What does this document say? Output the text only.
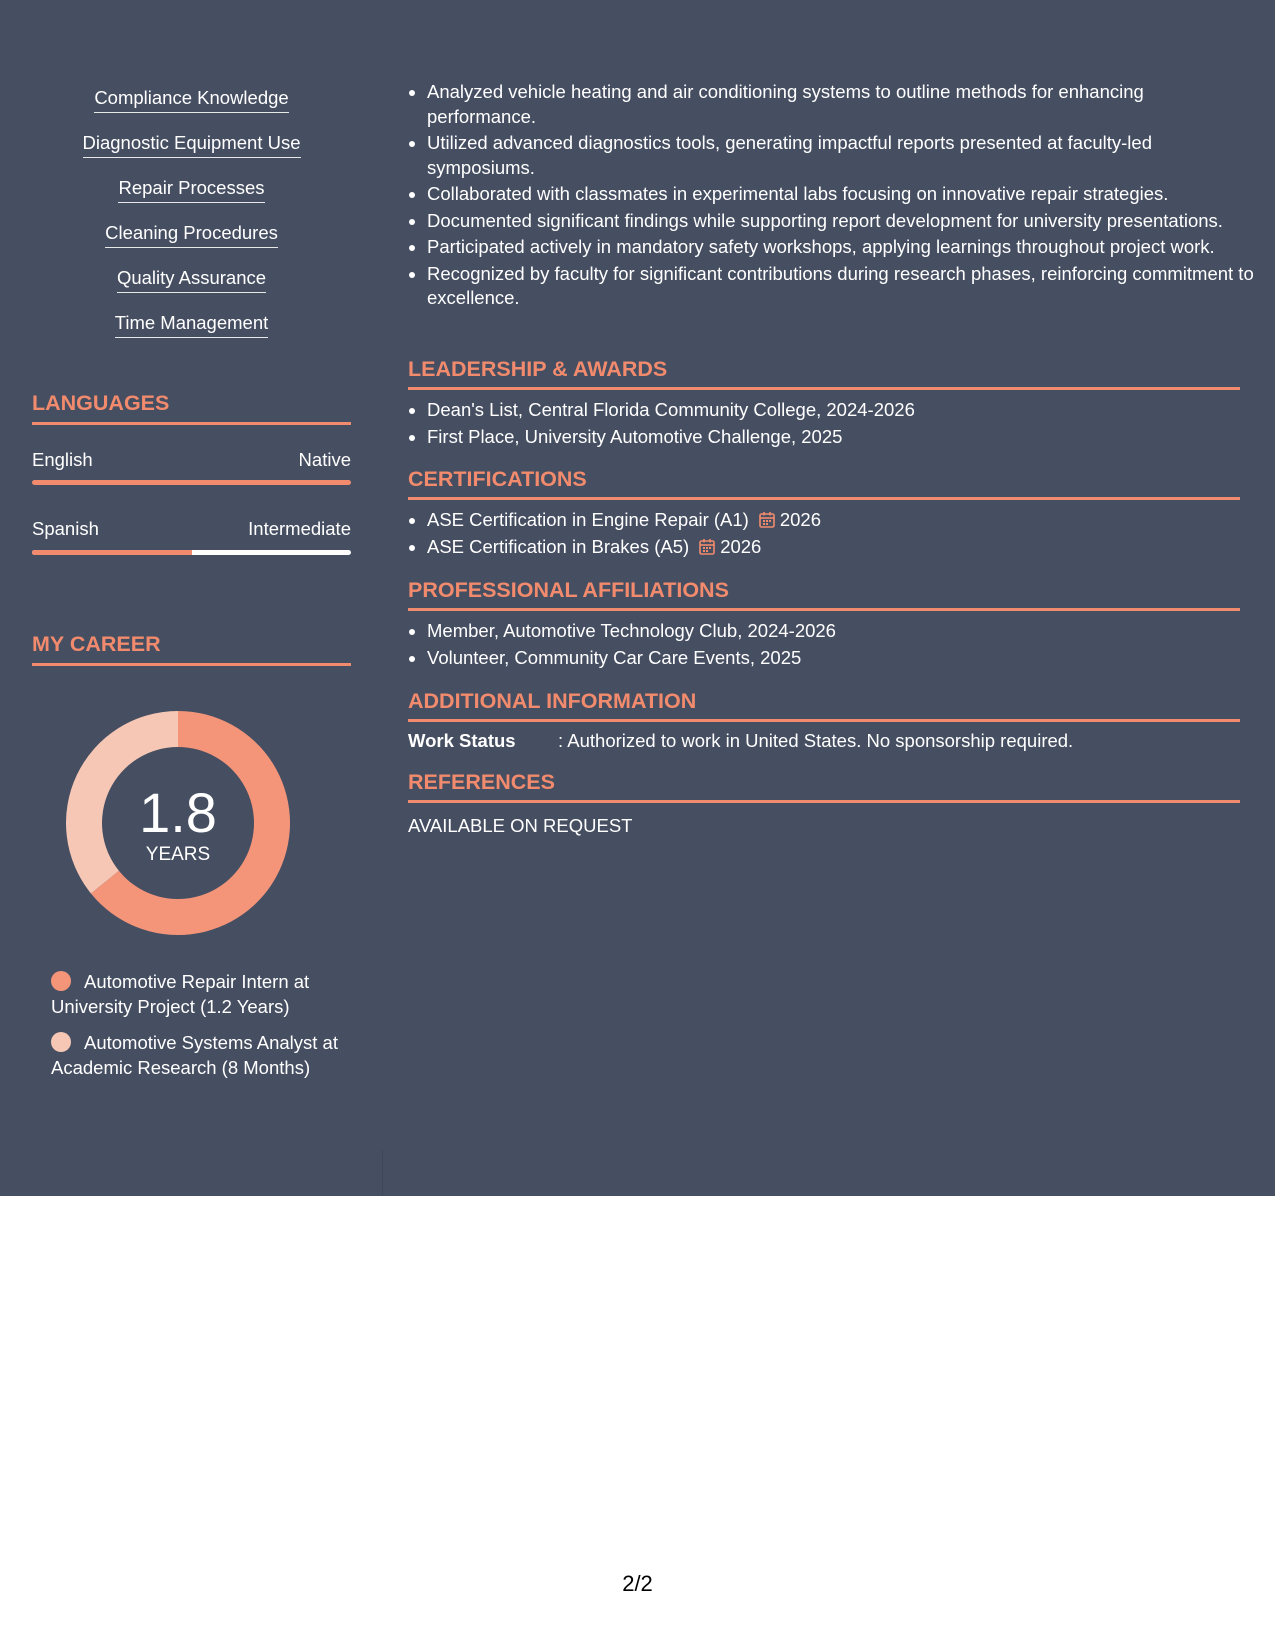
Compliance Knowledge
Diagnostic Equipment Use
Repair Processes
Cleaning Procedures
Quality Assurance
Time Management
LANGUAGES
English	Native
Spanish	Intermediate
MY CAREER
1.8
YEARS
Automotive Repair Intern at University Project (1.2 Years)
Automotive Systems Analyst at Academic Research (8 Months)
• Analyzed vehicle heating and air conditioning systems to outline methods for enhancing performance.
• Utilized advanced diagnostics tools, generating impactful reports presented at faculty-led symposiums.
• Collaborated with classmates in experimental labs focusing on innovative repair strategies.
• Documented significant findings while supporting report development for university presentations.
• Participated actively in mandatory safety workshops, applying learnings throughout project work.
• Recognized by faculty for significant contributions during research phases, reinforcing commitment to excellence.
LEADERSHIP & AWARDS
• Dean's List, Central Florida Community College, 2024-2026
• First Place, University Automotive Challenge, 2025
CERTIFICATIONS
• ASE Certification in Engine Repair (A1) 2026
• ASE Certification in Brakes (A5) 2026
PROFESSIONAL AFFILIATIONS
• Member, Automotive Technology Club, 2024-2026
• Volunteer, Community Car Care Events, 2025
ADDITIONAL INFORMATION
Work Status : Authorized to work in United States. No sponsorship required.
REFERENCES
AVAILABLE ON REQUEST
2/2
